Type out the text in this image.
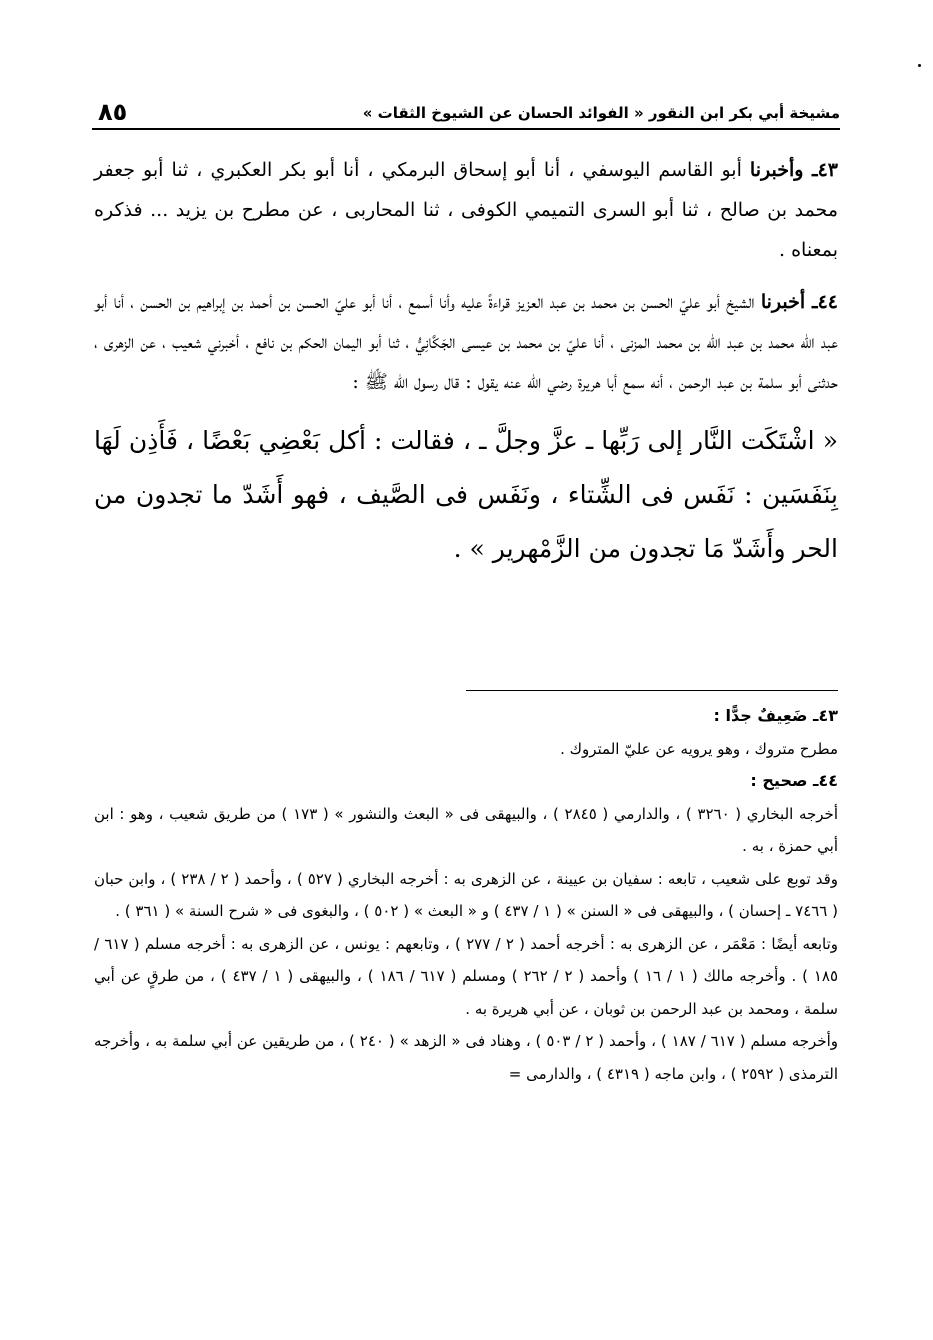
٨٥	مشيخة أبي بكر ابن النقور « الفوائد الحسان عن الشيوخ الثقات »

٤٣ـ وأخبرنا أبو القاسم اليوسفي ، أنا أبو إسحاق البرمكي ، أنا أبو بكر العكبري ، ثنا أبو جعفر محمد بن صالح ، ثنا أبو السرى التميمي الكوفى ، ثنا المحاربى ، عن مطرح بن يزيد ... فذكره بمعناه .

٤٤ـ أخبرنا الشيخ أبو عليّ الحسن بن محمد بن عبد العزيز قراءةً عليه وأنا أسمع ، أنا أبو عليّ الحسن بن أحمد بن إبراهيم بن الحسن ، أنا أبو عبد اللّه محمد بن عبد اللّه بن محمد المزنى ، أنا عليّ بن محمد بن عيسى الجَكَّانِيُّ ، ثنا أبو اليمان الحكم بن نافع ، أخبرني شعيب ، عن الزهرى ، حدثنى أبو سلمة بن عبد الرحمن ، أنه سمع أبا هريرة رضي اللّه عنه يقول : قال رسول اللّه ﷺ :

« اشْتَكَت النَّار إلى رَبِّها ـ عزَّ وجلَّ ـ ، فقالت : أكل بَعْضِي بَعْضًا ، فَأَذِن لَهَا بِنَفَسَين : نَفَس فى الشِّتاء ، ونَفَس فى الصَّيف ، فهو أَشَدّ ما تجدون من الحر وأَشَدّ مَا تجدون من الزَّمْهرير » .

٤٣ـ ضَعِيفٌ جدًّا :

مطرح متروك ، وهو يرويه عن عليّ المتروك .

٤٤ـ صحيح :

أخرجه البخاري ( ٣٢٦٠ ) ، والدارمي ( ٢٨٤٥ ) ، والبيهقى فى « البعث والنشور » ( ١٧٣ ) من طريق شعيب ، وهو : ابن أبي حمزة ، به .

وقد توبع على شعيب ، تابعه : سفيان بن عيينة ، عن الزهرى به : أخرجه البخاري ( ٥٢٧ ) ، وأحمد ( ٢ / ٢٣٨ ) ، وابن حبان ( ٧٤٦٦ ـ إحسان ) ، والبيهقى فى « السنن » ( ١ / ٤٣٧ ) و « البعث » ( ٥٠٢ ) ، والبغوى فى « شرح السنة » ( ٣٦١ ) .

وتابعه أيضًا : مَعْمَر ، عن الزهرى به : أخرجه أحمد ( ٢ / ٢٧٧ ) ، وتابعهم : يونس ، عن الزهرى به : أخرجه مسلم ( ٦١٧ / ١٨٥ ) . وأخرجه مالك ( ١ / ١٦ ) وأحمد ( ٢ / ٢٦٢ ) ومسلم ( ٦١٧ / ١٨٦ ) ، والبيهقى ( ١ / ٤٣٧ ) ، من طرقٍ عن أبي سلمة ، ومحمد بن عبد الرحمن بن ثوبان ، عن أبي هريرة به .

وأخرجه مسلم ( ٦١٧ / ١٨٧ ) ، وأحمد ( ٢ / ٥٠٣ ) ، وهناد فى « الزهد » ( ٢٤٠ ) ، من طريقين عن أبي سلمة به ، وأخرجه الترمذى ( ٢٥٩٢ ) ، وابن ماجه ( ٤٣١٩ ) ، والدارمى =
